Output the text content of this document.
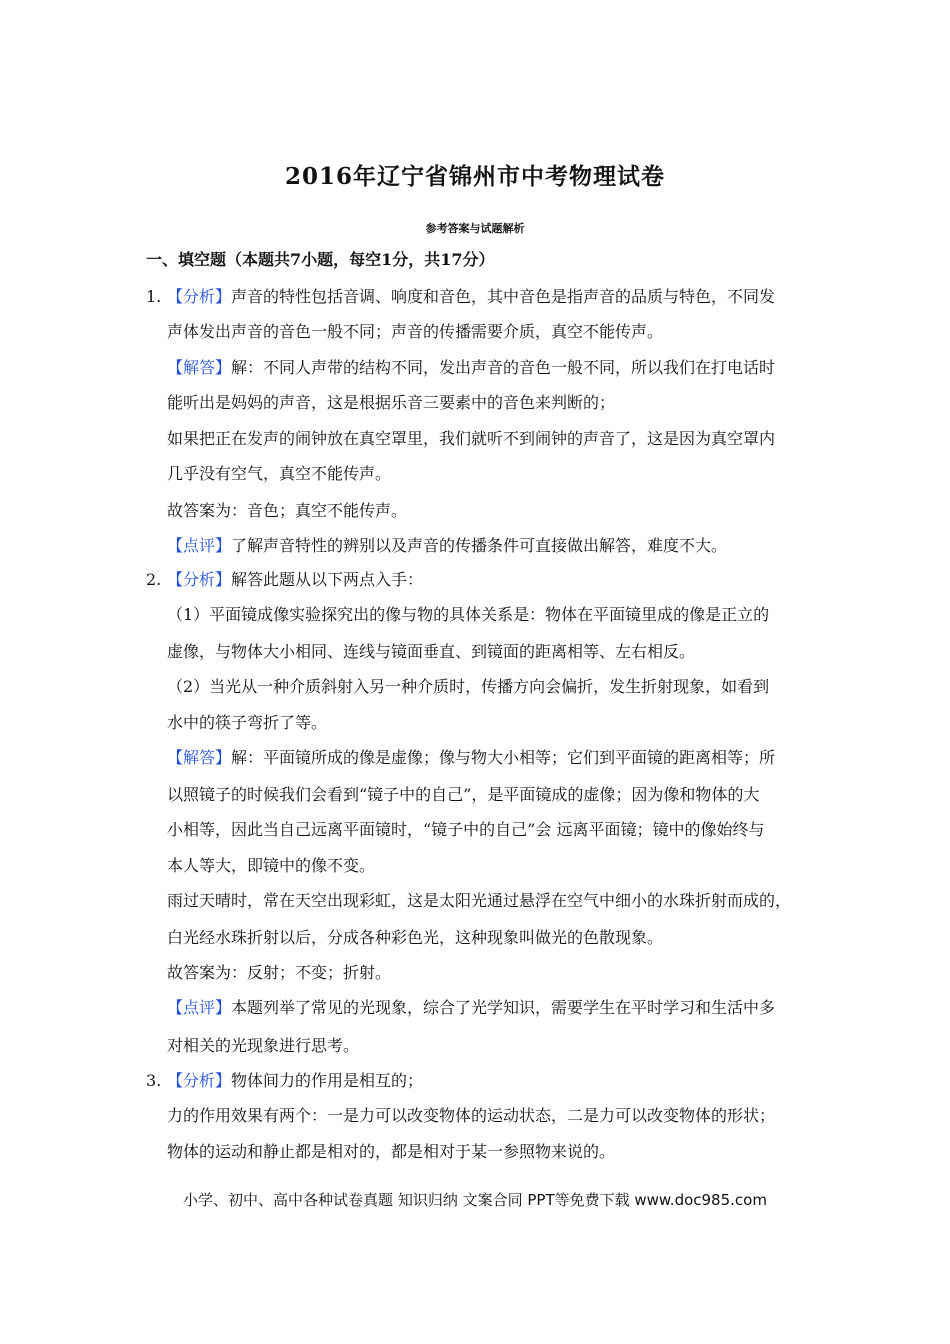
2016年辽宁省锦州市中考物理试卷
参考答案与试题解析
一、填空题（本题共7小题，每空1分，共17分）
1. 【分析】声音的特性包括音调、响度和音色，其中音色是指声音的品质与特色，不同发
声体发出声音的音色一般不同；声音的传播需要介质，真空不能传声。
【解答】解：不同人声带的结构不同，发出声音的音色一般不同，所以我们在打电话时
能听出是妈妈的声音，这是根据乐音三要素中的音色来判断的；
如果把正在发声的闹钟放在真空罩里，我们就听不到闹钟的声音了，这是因为真空罩内
几乎没有空气，真空不能传声。
故答案为：音色；真空不能传声。
【点评】了解声音特性的辨别以及声音的传播条件可直接做出解答，难度不大。
2. 【分析】解答此题从以下两点入手：
（1）平面镜成像实验探究出的像与物的具体关系是：物体在平面镜里成的像是正立的
虚像，与物体大小相同、连线与镜面垂直、到镜面的距离相等、左右相反。
（2）当光从一种介质斜射入另一种介质时，传播方向会偏折，发生折射现象，如看到
水中的筷子弯折了等。
【解答】解：平面镜所成的像是虚像；像与物大小相等；它们到平面镜的距离相等；所
以照镜子的时候我们会看到“镜子中的自己”，是平面镜成的虚像；因为像和物体的大
小相等，因此当自己远离平面镜时，“镜子中的自己”会 远离平面镜；镜中的像始终与
本人等大，即镜中的像不变。
雨过天晴时，常在天空出现彩虹，这是太阳光通过悬浮在空气中细小的水珠折射而成的，
白光经水珠折射以后，分成各种彩色光，这种现象叫做光的色散现象。
故答案为：反射；不变；折射。
【点评】本题列举了常见的光现象，综合了光学知识，需要学生在平时学习和生活中多
对相关的光现象进行思考。
3. 【分析】物体间力的作用是相互的；
力的作用效果有两个：一是力可以改变物体的运动状态，二是力可以改变物体的形状；
物体的运动和静止都是相对的，都是相对于某一参照物来说的。
小学、初中、高中各种试卷真题 知识归纳 文案合同 PPT等免费下载 www.doc985.com
